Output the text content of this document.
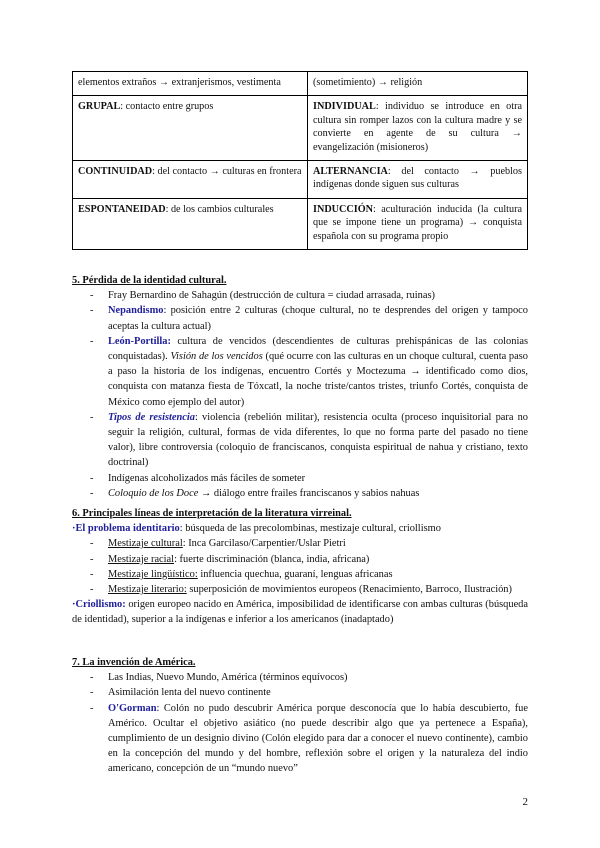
elementos extraños → extranjerismos, vestimenta	(sometimiento) → religión
GRUPAL: contacto entre grupos	INDIVIDUAL: individuo se introduce en otra cultura sin romper lazos con la cultura madre y se convierte en agente de su cultura → evangelización (misioneros)
CONTINUIDAD: del contacto → culturas en frontera	ALTERNANCIA: del contacto → pueblos indígenas donde siguen sus culturas
ESPONTANEIDAD: de los cambios culturales	INDUCCIÓN: aculturación inducida (la cultura que se impone tiene un programa) → conquista española con su programa propio

5. Pérdida de la identidad cultural.

- Fray Bernardino de Sahagún (destrucción de cultura = ciudad arrasada, ruinas)
- Nepandismo: posición entre 2 culturas (choque cultural, no te desprendes del origen y tampoco aceptas la cultura actual)
- León-Portilla: cultura de vencidos (descendientes de culturas prehispánicas de las colonias conquistadas). Visión de los vencidos (qué ocurre con las culturas en un choque cultural, cuenta paso a paso la historia de los indígenas, encuentro Cortés y Moctezuma → identificado como dios, conquista con matanza fiesta de Tóxcatl, la noche triste/cantos tristes, triunfo Cortés, conquista de México como ejemplo del autor)
- Tipos de resistencia: violencia (rebelión militar), resistencia oculta (proceso inquisitorial para no seguir la religión, cultural, formas de vida diferentes, lo que no forma parte del pasado no tiene valor), libre controversia (coloquio de franciscanos, conquista espiritual de nahua y cristiano, texto doctrinal)
- Indígenas alcoholizados más fáciles de someter
- Coloquio de los Doce → diálogo entre frailes franciscanos y sabios nahuas

6. Principales líneas de interpretación de la literatura virreinal.

·El problema identitario: búsqueda de las precolombinas, mestizaje cultural, criollismo

- Mestizaje cultural: Inca Garcilaso/Carpentier/Uslar Pietri
- Mestizaje racial: fuerte discriminación (blanca, india, africana)
- Mestizaje lingüístico: influencia quechua, guaraní, lenguas africanas
- Mestizaje literario: superposición de movimientos europeos (Renacimiento, Barroco, Ilustración)

·Criollismo: origen europeo nacido en América, imposibilidad de identificarse con ambas culturas (búsqueda de identidad), superior a la indígenas e inferior a los americanos (inadaptado)

7. La invención de América.

- Las Indias, Nuevo Mundo, América (términos equívocos)
- Asimilación lenta del nuevo continente
- O'Gorman: Colón no pudo descubrir América porque desconocía que lo había descubierto, fue Américo. Ocultar el objetivo asiático (no puede describir algo que ya pertenece a España), cumplimiento de un designio divino (Colón elegido para dar a conocer el nuevo continente), cambio en la concepción del mundo y del hombre, reflexión sobre el origen y la naturaleza del indio americano, concepción de un “mundo nuevo”
2
